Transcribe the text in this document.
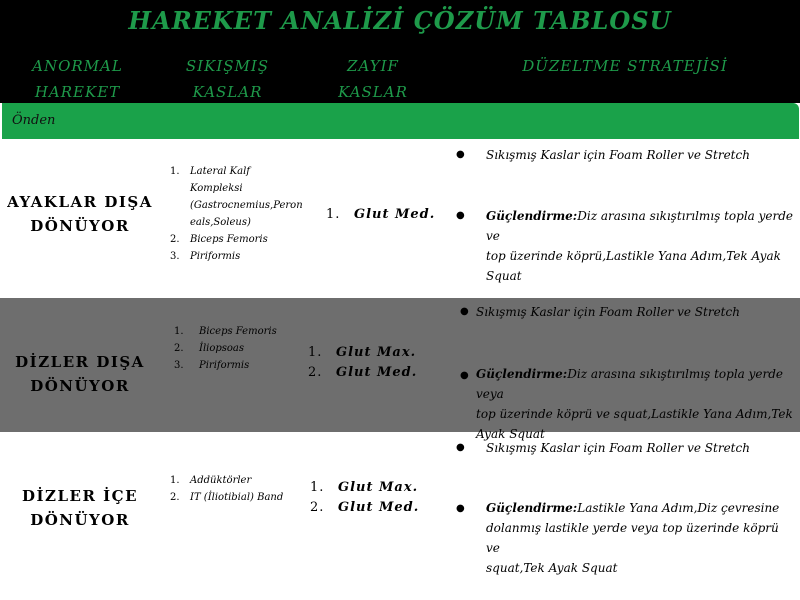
HAREKET ANALİZİ ÇÖZÜM TABLOSU
ANORMAL
HAREKET
SIKIŞMIŞ
KASLAR
ZAYIF
KASLAR
DÜZELTME STRATEJİSİ
Önden
AYAKLAR DIŞA
DÖNÜYOR
1. Lateral Kalf
Kompleksi
(Gastrocnemius,Peron
eals,Soleus)
2. Biceps Femoris
3. Piriformis
1. Glut Med.
● Sıkışmış Kaslar için Foam Roller ve Stretch
● Güçlendirme:Diz arasına sıkıştırılmış topla yerde ve
top üzerinde köprü,Lastikle Yana Adım,Tek Ayak
Squat
DİZLER DIŞA
DÖNÜYOR
1. Biceps Femoris
2. İliopsoas
3. Piriformis
1. Glut Max.
2. Glut Med.
● Sıkışmış Kaslar için Foam Roller ve Stretch
● Güçlendirme:Diz arasına sıkıştırılmış topla yerde veya
top üzerinde köprü ve squat,Lastikle Yana Adım,Tek
Ayak Squat
DİZLER İÇE
DÖNÜYOR
1. Addüktörler
2. IT (İliotibial) Band
1. Glut Max.
2. Glut Med.
● Sıkışmış Kaslar için Foam Roller ve Stretch
● Güçlendirme:Lastikle Yana Adım,Diz çevresine
dolanmış lastikle yerde veya top üzerinde köprü ve
squat,Tek Ayak Squat
